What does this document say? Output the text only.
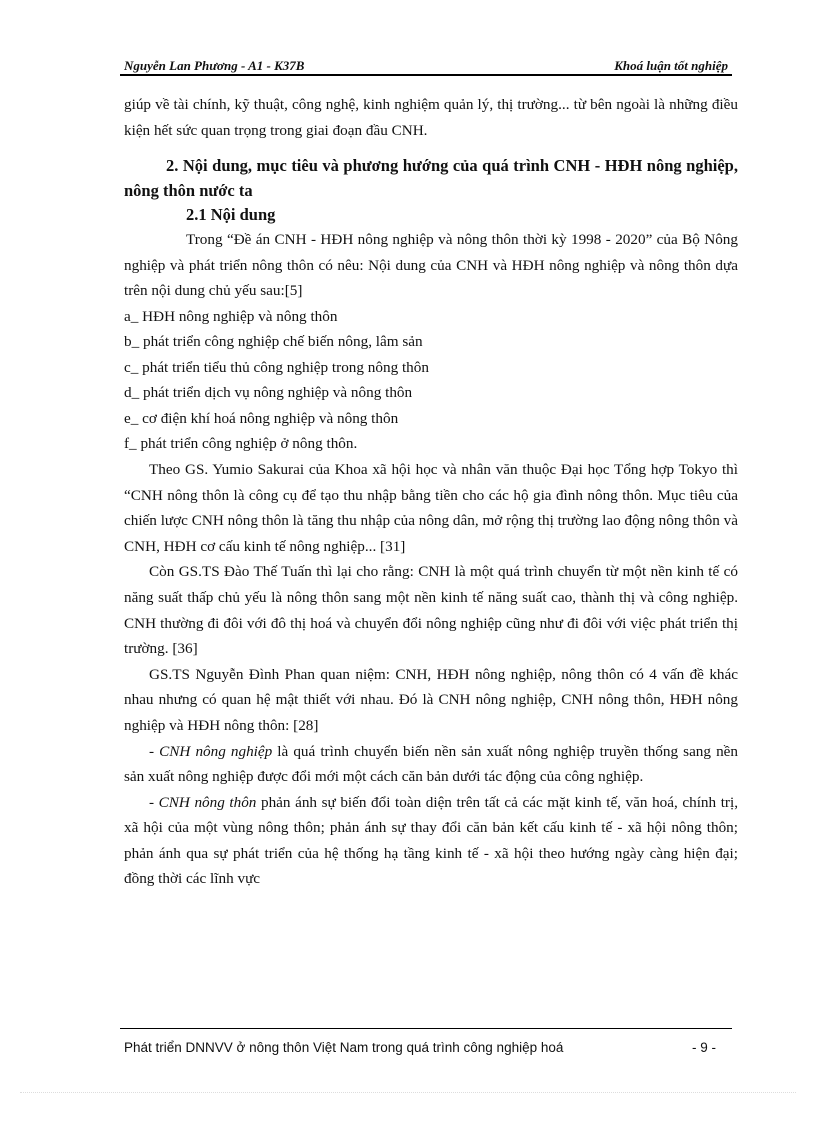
Nguyễn Lan Phương - A1 - K37B	Khoá luận tốt nghiệp

giúp về tài chính, kỹ thuật, công nghệ, kinh nghiệm quản lý, thị trường... từ bên ngoài là những điều kiện hết sức quan trọng trong giai đoạn đầu CNH.

2. Nội dung, mục tiêu và phương hướng của quá trình CNH - HĐH nông nghiệp, nông thôn nước ta

2.1 Nội dung

Trong “Đề án CNH - HĐH nông nghiệp và nông thôn thời kỳ 1998 - 2020” của Bộ Nông nghiệp và phát triển nông thôn có nêu: Nội dung của CNH và HĐH nông nghiệp và nông thôn dựa trên nội dung chủ yếu sau:[5]

a_ HĐH nông nghiệp và nông thôn

b_ phát triển công nghiệp chế biến nông, lâm sản

c_ phát triển tiểu thủ công nghiệp trong nông thôn

d_ phát triển dịch vụ nông nghiệp và nông thôn

e_ cơ điện khí hoá nông nghiệp và nông thôn

f_ phát triển công nghiệp ở nông thôn.

Theo GS. Yumio Sakurai của Khoa xã hội học và nhân văn thuộc Đại học Tổng hợp Tokyo thì “CNH nông thôn là công cụ để tạo thu nhập bằng tiền cho các hộ gia đình nông thôn. Mục tiêu của chiến lược CNH nông thôn là tăng thu nhập của nông dân, mở rộng thị trường lao động nông thôn và CNH, HĐH cơ cấu kinh tế nông nghiệp... [31]

Còn GS.TS Đào Thế Tuấn thì lại cho rằng: CNH là một quá trình chuyển từ một nền kinh tế có năng suất thấp chủ yếu là nông thôn sang một nền kinh tế năng suất cao, thành thị và công nghiệp. CNH thường đi đôi với đô thị hoá và chuyển đổi nông nghiệp cũng như đi đôi với việc phát triển thị trường. [36]

GS.TS Nguyễn Đình Phan quan niệm: CNH, HĐH nông nghiệp, nông thôn có 4 vấn đề khác nhau nhưng có quan hệ mật thiết với nhau. Đó là CNH nông nghiệp, CNH nông thôn, HĐH nông nghiệp và HĐH nông thôn: [28]

- CNH nông nghiệp là quá trình chuyển biến nền sản xuất nông nghiệp truyền thống sang nền sản xuất nông nghiệp được đổi mới một cách căn bản dưới tác động của công nghiệp.

- CNH nông thôn phản ánh sự biến đổi toàn diện trên tất cả các mặt kinh tế, văn hoá, chính trị, xã hội của một vùng nông thôn; phản ánh sự thay đổi căn bản kết cấu kinh tế - xã hội nông thôn; phản ánh qua sự phát triển của hệ thống hạ tầng kinh tế - xã hội theo hướng ngày càng hiện đại; đồng thời các lĩnh vực

Phát triển DNNVV ở nông thôn Việt Nam trong quá trình công nghiệp hoá	- 9 -
